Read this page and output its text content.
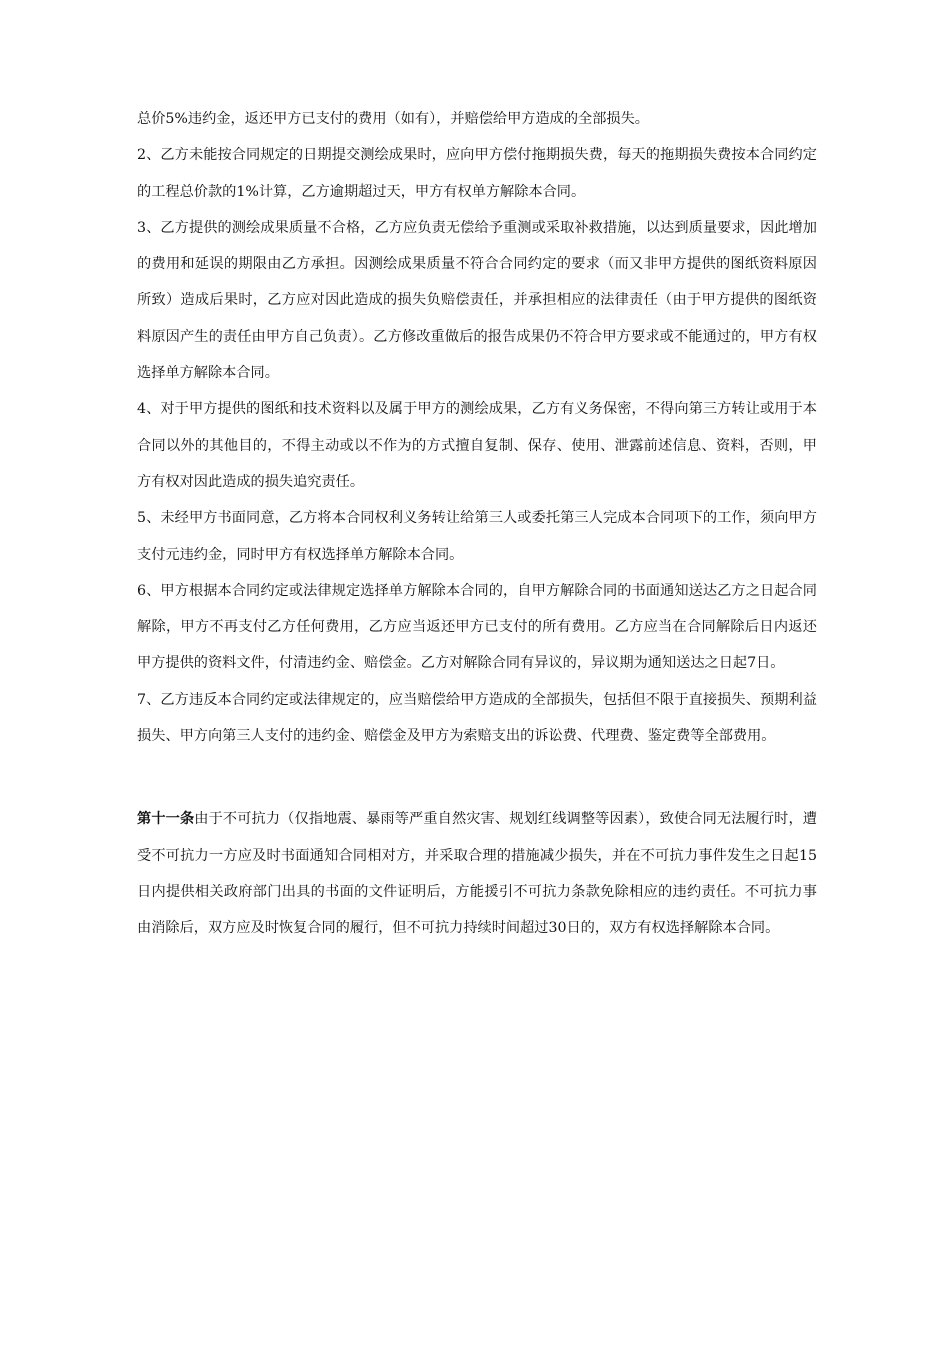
总价5%违约金，返还甲方已支付的费用（如有），并赔偿给甲方造成的全部损失。

2、乙方未能按合同规定的日期提交测绘成果时，应向甲方偿付拖期损失费，每天的拖期损失费按本合同约定的工程总价款的1%计算，乙方逾期超过天，甲方有权单方解除本合同。

3、乙方提供的测绘成果质量不合格，乙方应负责无偿给予重测或采取补救措施，以达到质量要求，因此增加的费用和延误的期限由乙方承担。因测绘成果质量不符合合同约定的要求（而又非甲方提供的图纸资料原因所致）造成后果时，乙方应对因此造成的损失负赔偿责任，并承担相应的法律责任（由于甲方提供的图纸资料原因产生的责任由甲方自己负责）。乙方修改重做后的报告成果仍不符合甲方要求或不能通过的，甲方有权选择单方解除本合同。

4、对于甲方提供的图纸和技术资料以及属于甲方的测绘成果，乙方有义务保密，不得向第三方转让或用于本合同以外的其他目的，不得主动或以不作为的方式擅自复制、保存、使用、泄露前述信息、资料，否则，甲方有权对因此造成的损失追究责任。

5、未经甲方书面同意，乙方将本合同权利义务转让给第三人或委托第三人完成本合同项下的工作，须向甲方支付元违约金，同时甲方有权选择单方解除本合同。

6、甲方根据本合同约定或法律规定选择单方解除本合同的，自甲方解除合同的书面通知送达乙方之日起合同解除，甲方不再支付乙方任何费用，乙方应当返还甲方已支付的所有费用。乙方应当在合同解除后日内返还甲方提供的资料文件，付清违约金、赔偿金。乙方对解除合同有异议的，异议期为通知送达之日起7日。

7、乙方违反本合同约定或法律规定的，应当赔偿给甲方造成的全部损失，包括但不限于直接损失、预期利益损失、甲方向第三人支付的违约金、赔偿金及甲方为索赔支出的诉讼费、代理费、鉴定费等全部费用。

第十一条由于不可抗力（仅指地震、暴雨等严重自然灾害、规划红线调整等因素），致使合同无法履行时，遭受不可抗力一方应及时书面通知合同相对方，并采取合理的措施减少损失，并在不可抗力事件发生之日起15日内提供相关政府部门出具的书面的文件证明后，方能援引不可抗力条款免除相应的违约责任。不可抗力事由消除后，双方应及时恢复合同的履行，但不可抗力持续时间超过30日的，双方有权选择解除本合同。
